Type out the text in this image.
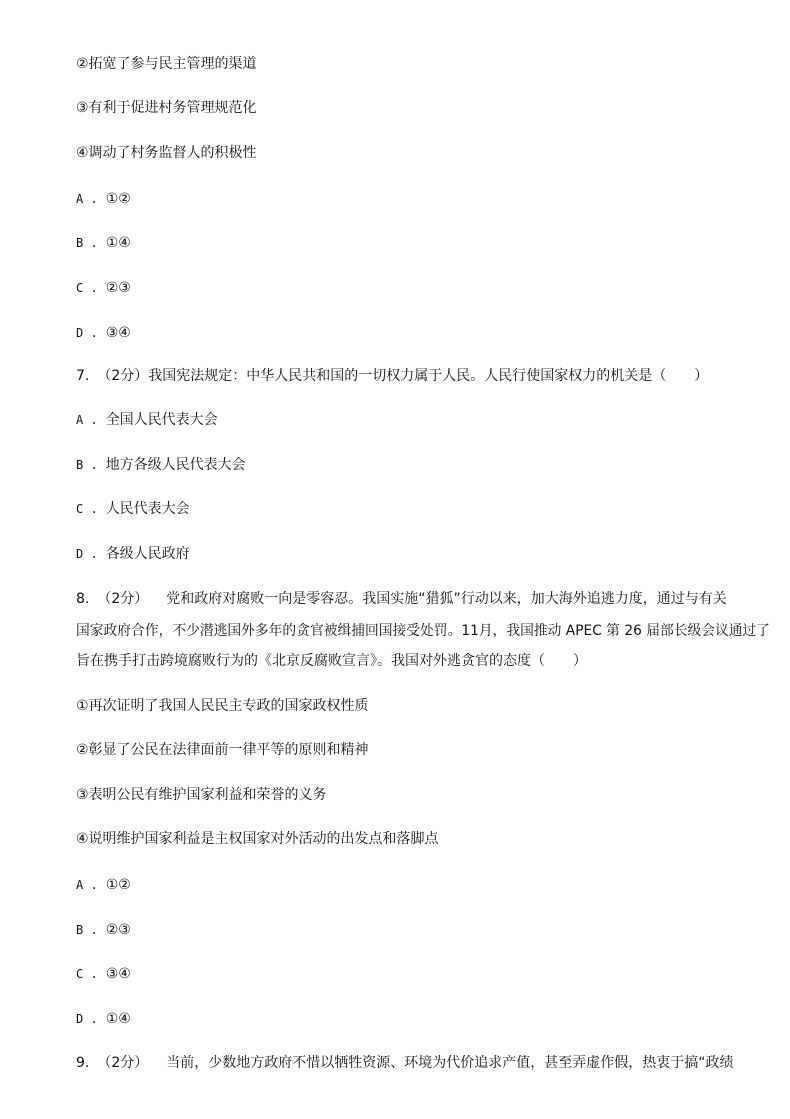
②拓宽了参与民主管理的渠道
③有利于促进村务管理规范化
④调动了村务监督人的积极性
A . ①②
B . ①④
C . ②③
D . ③④
7. （2分）我国宪法规定：中华人民共和国的一切权力属于人民。人民行使国家权力的机关是（　　）
A . 全国人民代表大会
B . 地方各级人民代表大会
C . 人民代表大会
D . 各级人民政府
8. （2分） 党和政府对腐败一向是零容忍。我国实施“猎狐”行动以来，加大海外追逃力度，通过与有关
国家政府合作，不少潜逃国外多年的贪官被缉捕回国接受处罚。11月，我国推动 APEC 第 26 届部长级会议通过了
旨在携手打击跨境腐败行为的《北京反腐败宣言》。我国对外逃贪官的态度（　　）
①再次证明了我国人民民主专政的国家政权性质
②彰显了公民在法律面前一律平等的原则和精神
③表明公民有维护国家利益和荣誉的义务
④说明维护国家利益是主权国家对外活动的出发点和落脚点
A . ①②
B . ②③
C . ③④
D . ①④
9. （2分） 当前，少数地方政府不惜以牺牲资源、环境为代价追求产值，甚至弄虚作假，热衷于搞“政绩
